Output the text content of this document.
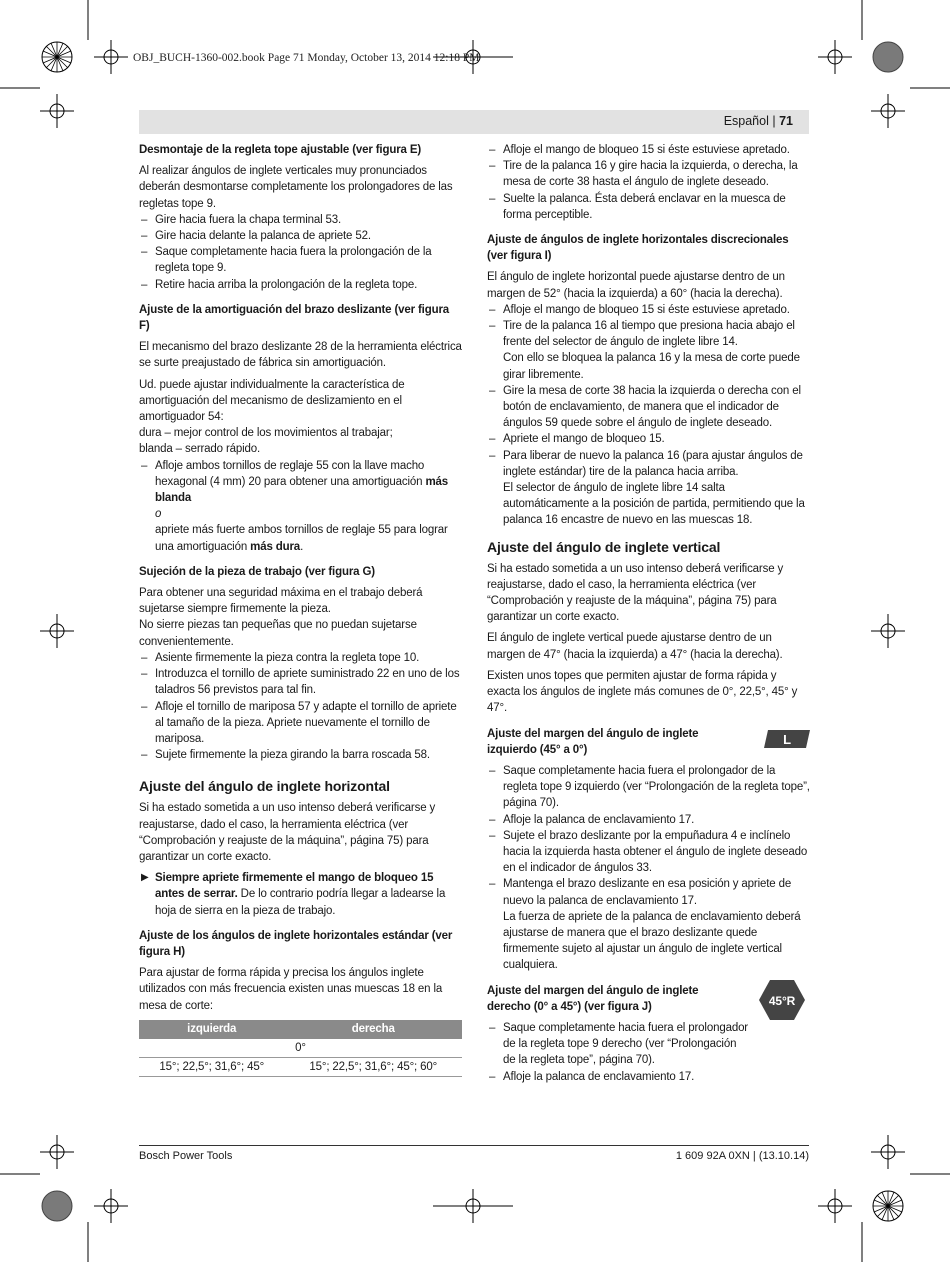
OBJ_BUCH-1360-002.book Page 71 Monday, October 13, 2014 12:18 PM
Español | 71

Desmontaje de la regleta tope ajustable (ver figura E)

Al realizar ángulos de inglete verticales muy pronunciados deberán desmontarse completamente los prolongadores de las regletas tope 9.

– Gire hacia fuera la chapa terminal 53.
– Gire hacia delante la palanca de apriete 52.
– Saque completamente hacia fuera la prolongación de la regleta tope 9.
– Retire hacia arriba la prolongación de la regleta tope.

Ajuste de la amortiguación del brazo deslizante (ver figura F)

El mecanismo del brazo deslizante 28 de la herramienta eléctrica se surte preajustado de fábrica sin amortiguación.

Ud. puede ajustar individualmente la característica de amortiguación del mecanismo de deslizamiento en el amortiguador 54:

dura – mejor control de los movimientos al trabajar;

blanda – serrado rápido.

– Afloje ambos tornillos de reglaje 55 con la llave macho hexagonal (4 mm) 20 para obtener una amortiguación más blanda
o
apriete más fuerte ambos tornillos de reglaje 55 para lograr una amortiguación más dura.

Sujeción de la pieza de trabajo (ver figura G)

Para obtener una seguridad máxima en el trabajo deberá sujetarse siempre firmemente la pieza.

No sierre piezas tan pequeñas que no puedan sujetarse convenientemente.

– Asiente firmemente la pieza contra la regleta tope 10.
– Introduzca el tornillo de apriete suministrado 22 en uno de los taladros 56 previstos para tal fin.
– Afloje el tornillo de mariposa 57 y adapte el tornillo de apriete al tamaño de la pieza. Apriete nuevamente el tornillo de mariposa.
– Sujete firmemente la pieza girando la barra roscada 58.

Ajuste del ángulo de inglete horizontal

Si ha estado sometida a un uso intenso deberá verificarse y reajustarse, dado el caso, la herramienta eléctrica (ver “Comprobación y reajuste de la máquina”, página 75) para garantizar un corte exacto.

▶ Siempre apriete firmemente el mango de bloqueo 15 antes de serrar. De lo contrario podría llegar a ladearse la hoja de sierra en la pieza de trabajo.

Ajuste de los ángulos de inglete horizontales estándar (ver figura H)

Para ajustar de forma rápida y precisa los ángulos inglete utilizados con más frecuencia existen unas muescas 18 en la mesa de corte:

izquierda	derecha
0°	
15°; 22,5°; 31,6°; 45°	15°; 22,5°; 31,6°; 45°; 60°
– Afloje el mango de bloqueo 15 si éste estuviese apretado.
– Tire de la palanca 16 y gire hacia la izquierda, o derecha, la mesa de corte 38 hasta el ángulo de inglete deseado.
– Suelte la palanca. Ésta deberá enclavar en la muesca de forma perceptible.

Ajuste de ángulos de inglete horizontales discrecionales (ver figura I)

El ángulo de inglete horizontal puede ajustarse dentro de un margen de 52° (hacia la izquierda) a 60° (hacia la derecha).

– Afloje el mango de bloqueo 15 si éste estuviese apretado.
– Tire de la palanca 16 al tiempo que presiona hacia abajo el frente del selector de ángulo de inglete libre 14.
Con ello se bloquea la palanca 16 y la mesa de corte puede girar libremente.
– Gire la mesa de corte 38 hacia la izquierda o derecha con el botón de enclavamiento, de manera que el indicador de ángulos 59 quede sobre el ángulo de inglete deseado.
– Apriete el mango de bloqueo 15.
– Para liberar de nuevo la palanca 16 (para ajustar ángulos de inglete estándar) tire de la palanca hacia arriba.
El selector de ángulo de inglete libre 14 salta automáticamente a la posición de partida, permitiendo que la palanca 16 encastre de nuevo en las muescas 18.

Ajuste del ángulo de inglete vertical

Si ha estado sometida a un uso intenso deberá verificarse y reajustarse, dado el caso, la herramienta eléctrica (ver “Comprobación y reajuste de la máquina”, página 75) para garantizar un corte exacto.

El ángulo de inglete vertical puede ajustarse dentro de un margen de 47° (hacia la izquierda) a 47° (hacia la derecha).

Existen unos topes que permiten ajustar de forma rápida y exacta los ángulos de inglete más comunes de 0°, 22,5°, 45° y 47°.

Ajuste del margen del ángulo de inglete izquierdo (45° a 0°)

L
– Saque completamente hacia fuera el prolongador de la regleta tope 9 izquierdo (ver “Prolongación de la regleta tope”, página 70).
– Afloje la palanca de enclavamiento 17.
– Sujete el brazo deslizante por la empuñadura 4 e inclínelo hacia la izquierda hasta obtener el ángulo de inglete deseado en el indicador de ángulos 33.
– Mantenga el brazo deslizante en esa posición y apriete de nuevo la palanca de enclavamiento 17.
La fuerza de apriete de la palanca de enclavamiento deberá ajustarse de manera que el brazo deslizante quede firmemente sujeto al ajustar un ángulo de inglete vertical cualquiera.

Ajuste del margen del ángulo de inglete derecho (0° a 45°) (ver figura J)

– Saque completamente hacia fuera el prolongador de la regleta tope 9 derecho (ver “Prolongación de la regleta tope”, página 70).
– Afloje la palanca de enclavamiento 17.
45°R
Bosch Power Tools	1 609 92A 0XN | (13.10.14)
